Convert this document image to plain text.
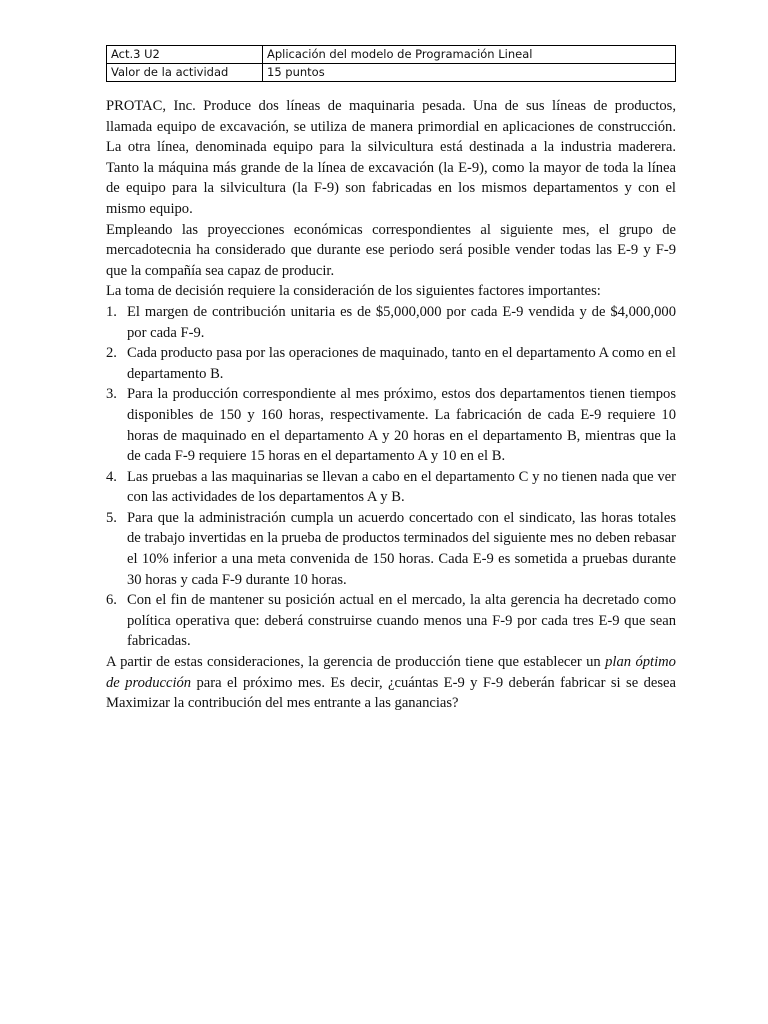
Act.3 U2	Aplicación del modelo de Programación Lineal
Valor de la actividad	15 puntos

PROTAC, Inc. Produce dos líneas de maquinaria pesada. Una de sus líneas de productos, llamada equipo de excavación, se utiliza de manera primordial en aplicaciones de construcción. La otra línea, denominada equipo para la silvicultura está destinada a la industria maderera. Tanto la máquina más grande de la línea de excavación (la E-9), como la mayor de toda la línea de equipo para la silvicultura (la F-9) son fabricadas en los mismos departamentos y con el mismo equipo.

Empleando las proyecciones económicas correspondientes al siguiente mes, el grupo de mercadotecnia ha considerado que durante ese periodo será posible vender todas las E-9 y F-9 que la compañía sea capaz de producir.

La toma de decisión requiere la consideración de los siguientes factores importantes:

1. El margen de contribución unitaria es de $5,000,000 por cada E-9 vendida y de $4,000,000 por cada F-9.
2. Cada producto pasa por las operaciones de maquinado, tanto en el departamento A como en el departamento B.
3. Para la producción correspondiente al mes próximo, estos dos departamentos tienen tiempos disponibles de 150 y 160 horas, respectivamente. La fabricación de cada E-9 requiere 10 horas de maquinado en el departamento A y 20 horas en el departamento B, mientras que la de cada F-9 requiere 15 horas en el departamento A y 10 en el B.
4. Las pruebas a las maquinarias se llevan a cabo en el departamento C y no tienen nada que ver con las actividades de los departamentos A y B.
5. Para que la administración cumpla un acuerdo concertado con el sindicato, las horas totales de trabajo invertidas en la prueba de productos terminados del siguiente mes no deben rebasar el 10% inferior a una meta convenida de 150 horas. Cada E-9 es sometida a pruebas durante 30 horas y cada F-9 durante 10 horas.
6. Con el fin de mantener su posición actual en el mercado, la alta gerencia ha decretado como política operativa que: deberá construirse cuando menos una F-9 por cada tres E-9 que sean fabricadas.

A partir de estas consideraciones, la gerencia de producción tiene que establecer un plan óptimo de producción para el próximo mes. Es decir, ¿cuántas E-9 y F-9 deberán fabricar si se desea Maximizar la contribución del mes entrante a las ganancias?
